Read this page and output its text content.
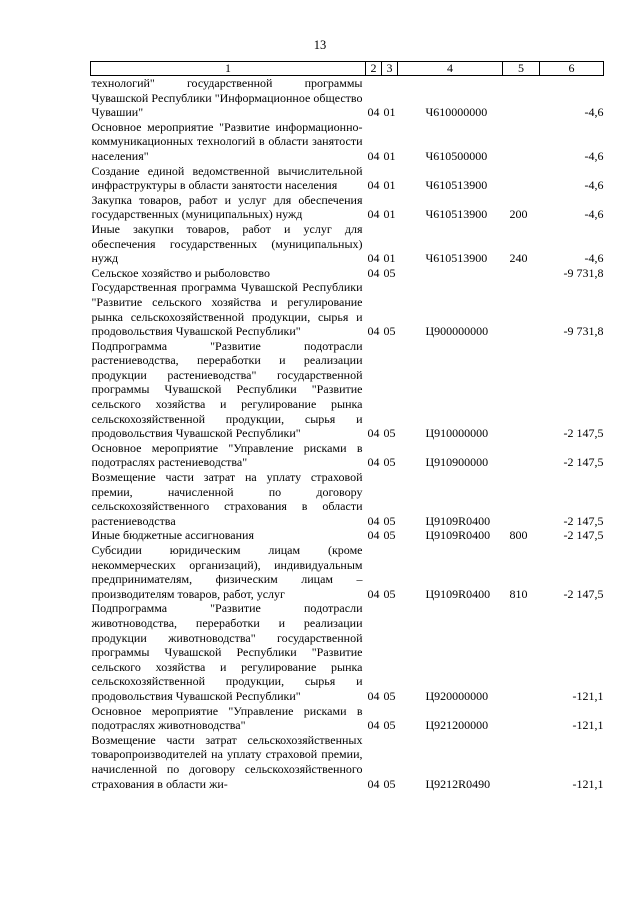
13
1	2	3	4	5	6
технологий" государственной программы Чувашской Республики "Информационное общество Чувашии"	04	01	Ч610000000		-4,6
Основное мероприятие "Развитие информационно-коммуникационных технологий в области занятости населения"	04	01	Ч610500000		-4,6
Создание единой ведомственной вычислительной инфраструктуры в области занятости населения	04	01	Ч610513900		-4,6
Закупка товаров, работ и услуг для обеспечения государственных (муниципальных) нужд	04	01	Ч610513900	200	-4,6
Иные закупки товаров, работ и услуг для обеспечения государственных (муниципальных) нужд	04	01	Ч610513900	240	-4,6
Сельское хозяйство и рыболовство	04	05			-9 731,8
Государственная программа Чувашской Республики "Развитие сельского хозяйства и регулирование рынка сельскохозяйственной продукции, сырья и продовольствия Чувашской Республики"	04	05	Ц900000000		-9 731,8
Подпрограмма "Развитие подотрасли растениеводства, переработки и реализации продукции растениеводства" государственной программы Чувашской Республики "Развитие сельского хозяйства и регулирование рынка сельскохозяйственной продукции, сырья и продовольствия Чувашской Республики"	04	05	Ц910000000		-2 147,5
Основное мероприятие "Управление рисками в подотраслях растениеводства"	04	05	Ц910900000		-2 147,5
Возмещение части затрат на уплату страховой премии, начисленной по договору сельскохозяйственного страхования в области растениеводства	04	05	Ц9109R0400		-2 147,5
Иные бюджетные ассигнования	04	05	Ц9109R0400	800	-2 147,5
Субсидии юридическим лицам (кроме некоммерческих организаций), индивидуальным предпринимателям, физическим лицам – производителям товаров, работ, услуг	04	05	Ц9109R0400	810	-2 147,5
Подпрограмма "Развитие подотрасли животноводства, переработки и реализации продукции животноводства" государственной программы Чувашской Республики "Развитие сельского хозяйства и регулирование рынка сельскохозяйственной продукции, сырья и продовольствия Чувашской Республики"	04	05	Ц920000000		-121,1
Основное мероприятие "Управление рисками в подотраслях животноводства"	04	05	Ц921200000		-121,1
Возмещение части затрат сельскохозяйственных товаропроизводителей на уплату страховой премии, начисленной по договору сельскохозяйственного страхования в области жи-	04	05	Ц9212R0490		-121,1
